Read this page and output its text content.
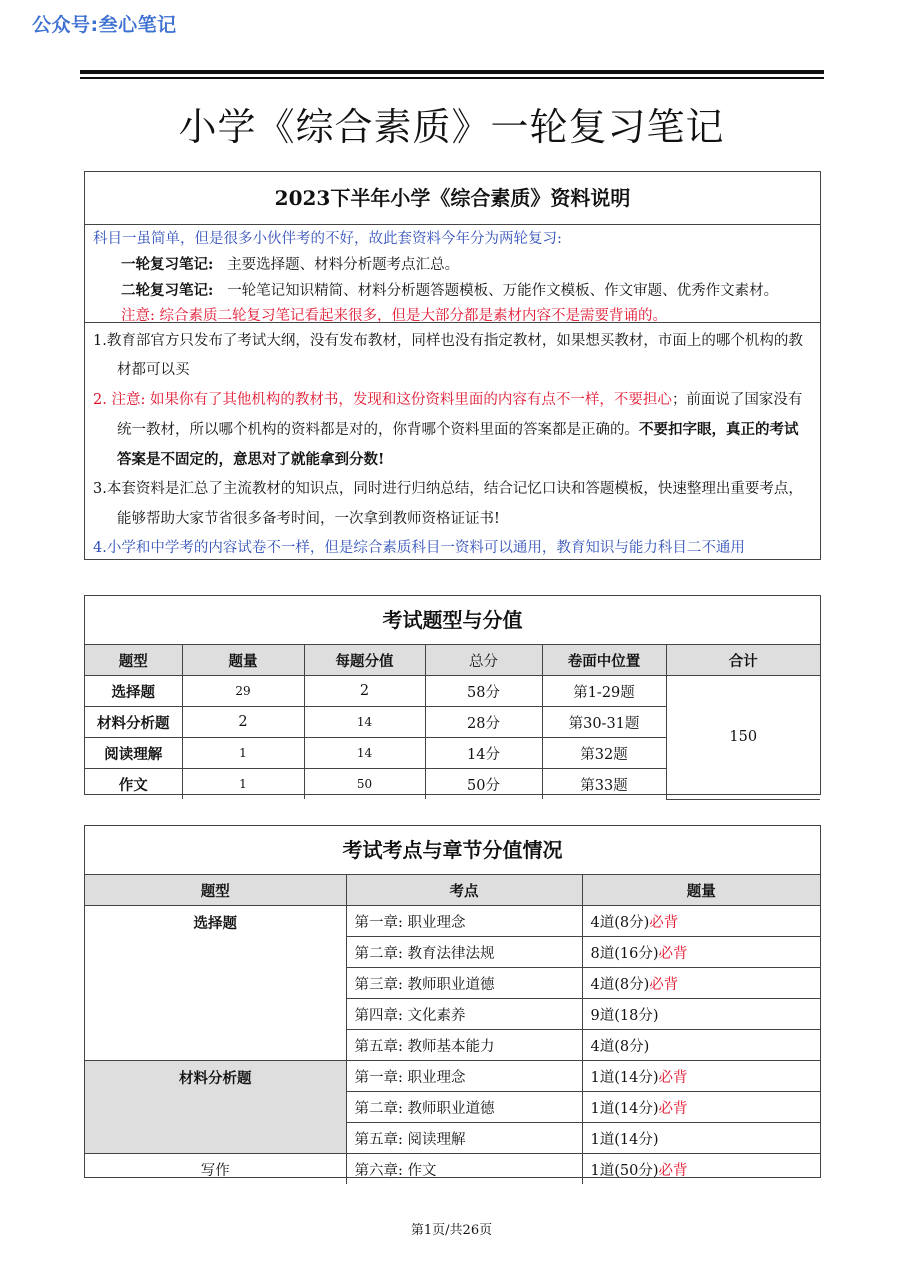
公众号:叁心笔记
小学《综合素质》一轮复习笔记
2023下半年小学《综合素质》资料说明
科目一虽简单，但是很多小伙伴考的不好，故此套资料今年分为两轮复习:
一轮复习笔记: 主要选择题、材料分析题考点汇总。
二轮复习笔记: 一轮笔记知识精简、材料分析题答题模板、万能作文模板、作文审题、优秀作文素材。
注意: 综合素质二轮复习笔记看起来很多，但是大部分都是素材内容不是需要背诵的。

1.教育部官方只发布了考试大纲，没有发布教材，同样也没有指定教材，如果想买教材，市面上的哪个机构的教材都可以买

2. 注意: 如果你有了其他机构的教材书，发现和这份资料里面的内容有点不一样，不要担心；前面说了国家没有统一教材，所以哪个机构的资料都是对的，你背哪个资料里面的答案都是正确的。不要扣字眼，真正的考试答案是不固定的，意思对了就能拿到分数!

3.本套资料是汇总了主流教材的知识点，同时进行归纳总结，结合记忆口诀和答题模板，快速整理出重要考点，能够帮助大家节省很多备考时间，一次拿到教师资格证证书!

4.小学和中学考的内容试卷不一样，但是综合素质科目一资料可以通用，教育知识与能力科目二不通用

考试题型与分值
题型	题量	每题分值	总分	卷面中位置	合计
选择题	29	2	58分	第1-29题	150
材料分析题	2	14	28分	第30-31题	
阅读理解	1	14	14分	第32题	
作文	1	50	50分	第33题	
考试考点与章节分值情况
题型	考点	题量
选择题	第一章: 职业理念	4道(8分)必背
	第二章: 教育法律法规	8道(16分)必背
	第三章: 教师职业道德	4道(8分)必背
	第四章: 文化素养	9道(18分)
	第五章: 教师基本能力	4道(8分)
材料分析题	第一章: 职业理念	1道(14分)必背
	第二章: 教师职业道德	1道(14分)必背
	第五章: 阅读理解	1道(14分)
写作	第六章: 作文	1道(50分)必背
第1页/共26页
